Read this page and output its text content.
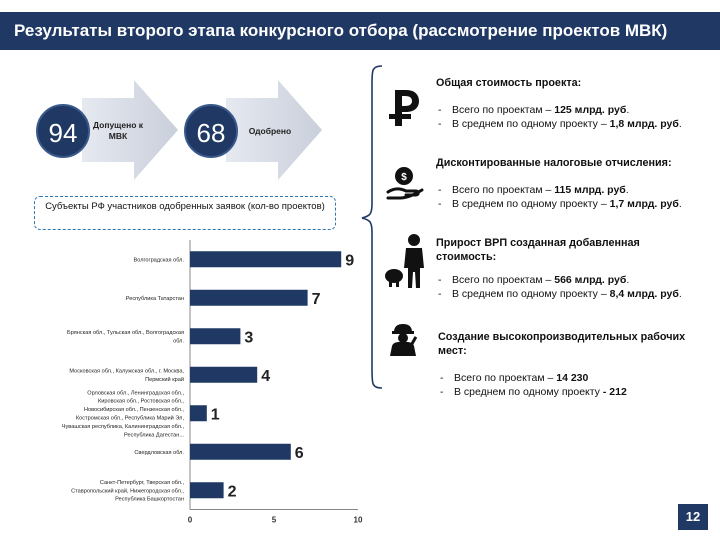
Результаты второго этапа конкурсного отбора (рассмотрение проектов МВК)
94	Допущено к МВК	68	Одобрено
Субъекты РФ участников одобренных заявок (кол-во проектов)
0	5	10
9
Волгоградская обл.
7
Республика Татарстан
3
Брянская обл., Тульская обл., Волгоградская обл.
4
Московская обл., Калужская обл., г. Москва, Пермский край
1
Орловская обл., Ленинградская обл., Кировская обл., Ростовская обл., Новосибирская обл., Пензенская обл., Костромская обл., Республика Марий Эл, Чувашская республика, Калининградская обл., Республика Дагестан...
6
Свердловская обл.
2
Санкт-Петербург, Тверская обл., Ставропольский край, Нижегородская обл., Республика Башкортостан
$
Общая стоимость проекта:
- Всего по проектам – 125 млрд. руб.
- В среднем по одному проекту – 1,8 млрд. руб.
Дисконтированные налоговые отчисления:
- Всего по проектам – 115 млрд. руб.
- В среднем по одному проекту – 1,7 млрд. руб.
Прирост ВРП созданная добавленная стоимость:
- Всего по проектам – 566 млрд. руб.
- В среднем по одному проекту – 8,4 млрд. руб.
Создание высокопроизводительных рабочих мест:
- Всего по проектам – 14 230
- В среднем по одному проекту - 212
12
